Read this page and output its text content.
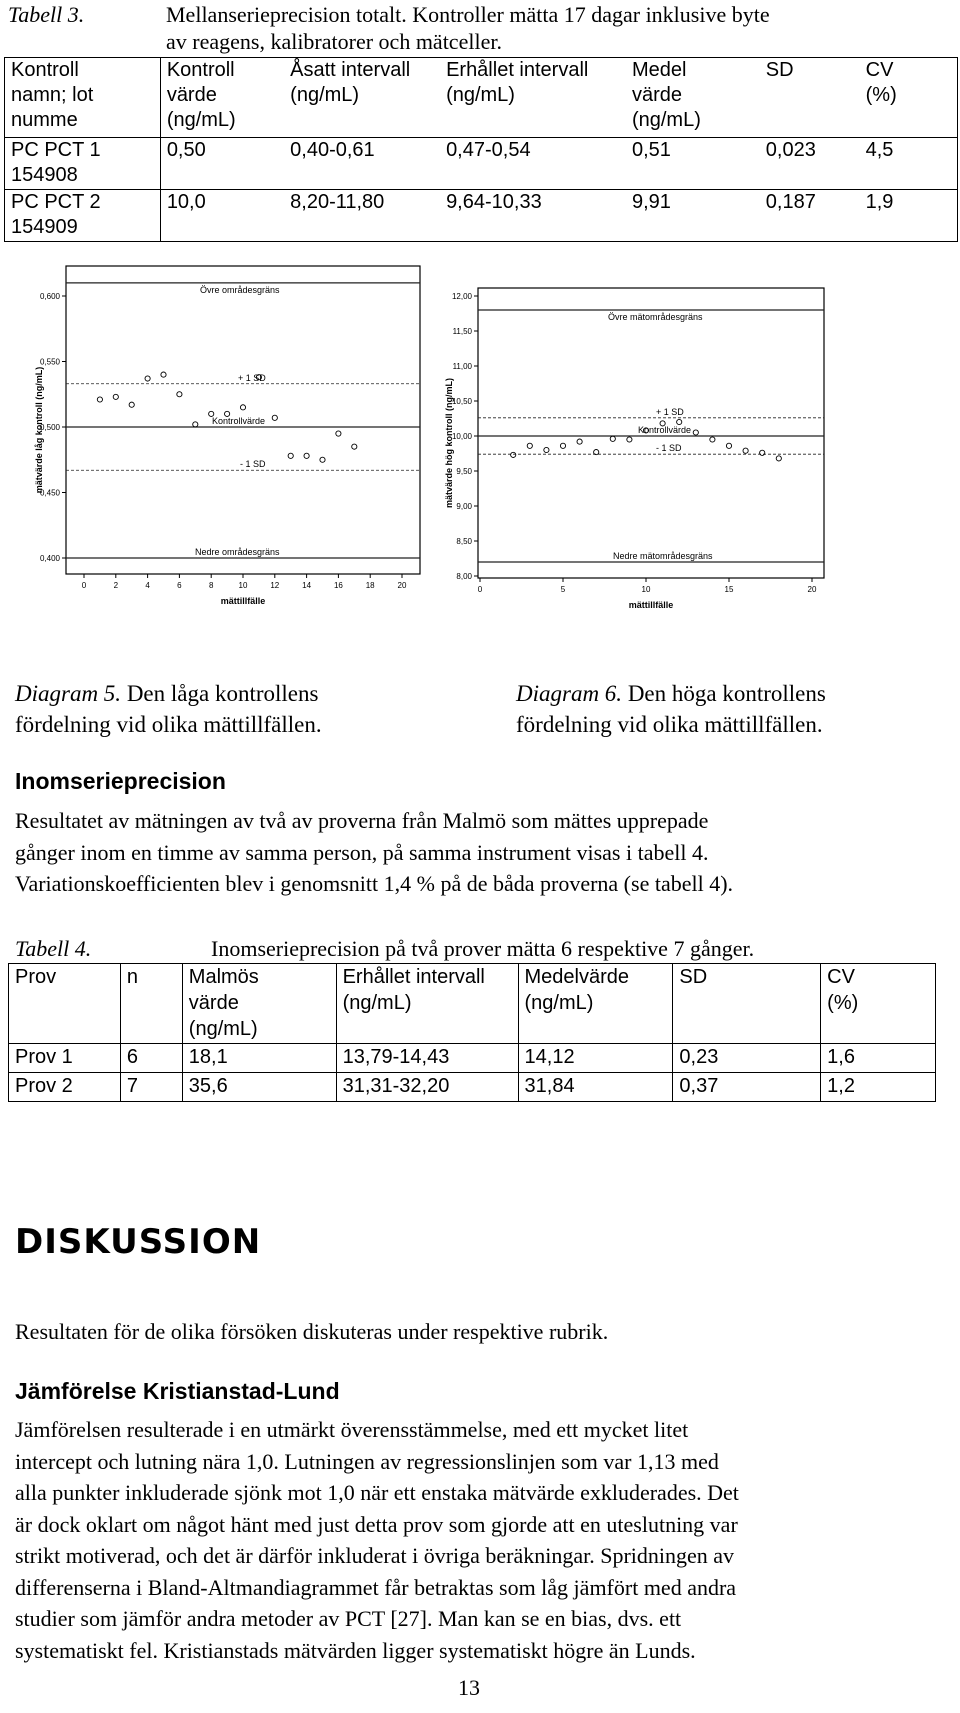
Tabell 3.	Mellanserieprecision totalt. Kontroller mätta 17 dagar inklusive byte
av reagens, kalibratorer och mätceller.
Kontroll
namn; lot
numme	Kontroll
värde
(ng/mL)	Åsatt intervall
(ng/mL)	Erhållet intervall
(ng/mL)	Medel
värde
(ng/mL)	SD	CV
(%)
PC PCT 1
154908	0,50	0,40-0,61	0,47-0,54	0,51	0,023	4,5
PC PCT 2
154909	10,0	8,20-11,80	9,64-10,33	9,91	0,187	1,9
0,400
0,450
0,500
0,550
0,600
0	2	4	6	8	10	12	14	16	18	20
Övre områdesgräns
+ 1 SD
Kontrollvärde
- 1 SD
Nedre områdesgräns
mättillfälle
mätvärde låg kontroll (ng/mL)
8,00
8,50
9,00
9,50
10,00
10,50
11,00
11,50
12,00
0	5	10	15	20
Övre mätområdesgräns
+ 1 SD
Kontrollvärde
- 1 SD
Nedre mätområdesgräns
mättillfälle
mätvärde hög kontroll (ng/mL)
Diagram 5. Den låga kontrollens
fördelning vid olika mättillfällen.
Diagram 6. Den höga kontrollens
fördelning vid olika mättillfällen.
Inomserieprecision
Resultatet av mätningen av två av proverna från Malmö som mättes upprepade
gånger inom en timme av samma person, på samma instrument visas i tabell 4.
Variationskoefficienten blev i genomsnitt 1,4 % på de båda proverna (se tabell 4).
Tabell 4.	Inomserieprecision på två prover mätta 6 respektive 7 gånger.
Prov	n	Malmös
värde
(ng/mL)	Erhållet intervall
(ng/mL)	Medelvärde
(ng/mL)	SD	CV
(%)
Prov 1	6	18,1	13,79-14,43	14,12	0,23	1,6
Prov 2	7	35,6	31,31-32,20	31,84	0,37	1,2
DISKUSSION
Resultaten för de olika försöken diskuteras under respektive rubrik.
Jämförelse Kristianstad-Lund
Jämförelsen resulterade i en utmärkt överensstämmelse, med ett mycket litet
intercept och lutning nära 1,0. Lutningen av regressionslinjen som var 1,13 med
alla punkter inkluderade sjönk mot 1,0 när ett enstaka mätvärde exkluderades. Det
är dock oklart om något hänt med just detta prov som gjorde att en uteslutning var
strikt motiverad, och det är därför inkluderat i övriga beräkningar. Spridningen av
differenserna i Bland-Altmandiagrammet får betraktas som låg jämfört med andra
studier som jämför andra metoder av PCT [27]. Man kan se en bias, dvs. ett
systematiskt fel. Kristianstads mätvärden ligger systematiskt högre än Lunds.
13
